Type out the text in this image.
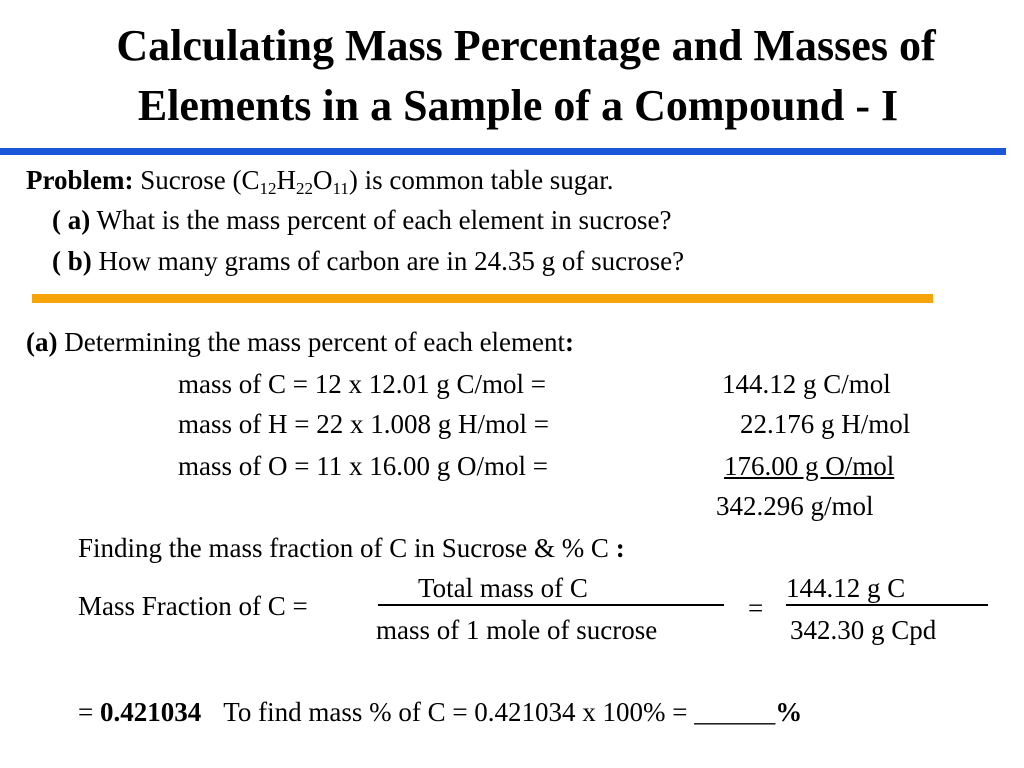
Calculating Mass Percentage and Masses of
Elements in a Sample of a Compound - I
Problem: Sucrose $(C_{12}H_{22}O_{11})$ is common table sugar.
( a) What is the mass percent of each element in sucrose?
( b) How many grams of carbon are in 24.35 g of sucrose?
(a) Determining the mass percent of each element:
mass of C = 12 x 12.01 g C/mol =	144.12 g C/mol
mass of H = 22 x 1.008 g H/mol =	22.176 g H/mol
mass of O = 11 x 16.00 g O/mol =	176.00 g O/mol
342.296 g/mol
Finding the mass fraction of C in Sucrose & % C :
Mass Fraction of C =
Total mass of C
mass of 1 mole of sucrose
=
144.12 g C
342.30 g Cpd
= 0.421034 To find mass % of C = 0.421034 x 100% = ______%
